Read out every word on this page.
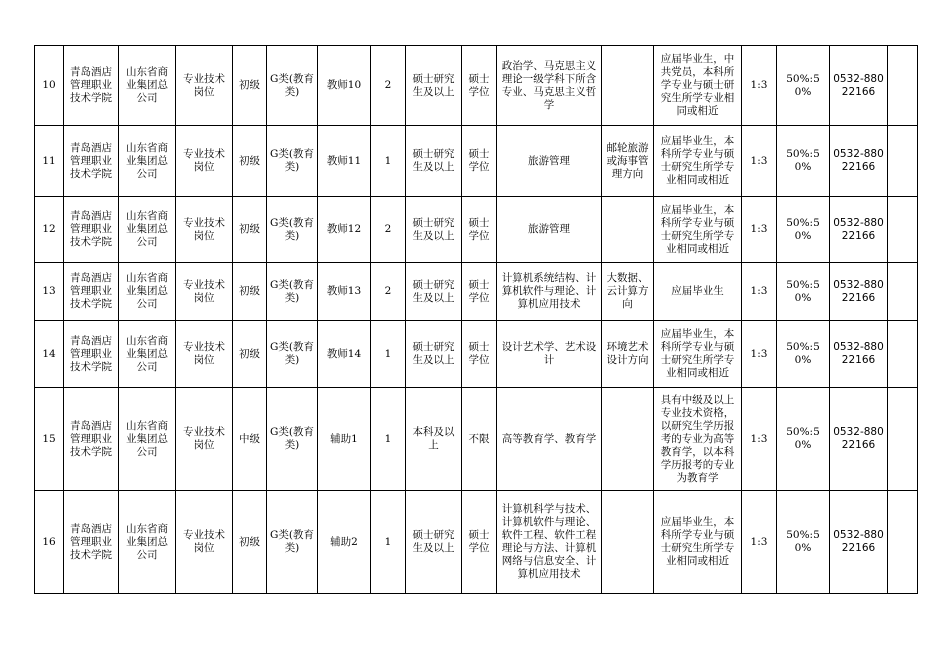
10	青岛酒店管理职业技术学院	山东省商业集团总公司	专业技术岗位	初级	G类(教育类)	教师10	2	硕士研究生及以上	硕士学位	政治学、马克思主义理论一级学科下所含专业、马克思主义哲学		应届毕业生，中共党员，本科所学专业与硕士研究生所学专业相同或相近	1:3	50%:50%	0532-88022166	
11	青岛酒店管理职业技术学院	山东省商业集团总公司	专业技术岗位	初级	G类(教育类)	教师11	1	硕士研究生及以上	硕士学位	旅游管理	邮轮旅游或海事管理方向	应届毕业生，本科所学专业与硕士研究生所学专业相同或相近	1:3	50%:50%	0532-88022166	
12	青岛酒店管理职业技术学院	山东省商业集团总公司	专业技术岗位	初级	G类(教育类)	教师12	2	硕士研究生及以上	硕士学位	旅游管理		应届毕业生，本科所学专业与硕士研究生所学专业相同或相近	1:3	50%:50%	0532-88022166	
13	青岛酒店管理职业技术学院	山东省商业集团总公司	专业技术岗位	初级	G类(教育类)	教师13	2	硕士研究生及以上	硕士学位	计算机系统结构、计算机软件与理论、计算机应用技术	大数据、云计算方向	应届毕业生	1:3	50%:50%	0532-88022166	
14	青岛酒店管理职业技术学院	山东省商业集团总公司	专业技术岗位	初级	G类(教育类)	教师14	1	硕士研究生及以上	硕士学位	设计艺术学、艺术设计	环境艺术设计方向	应届毕业生，本科所学专业与硕士研究生所学专业相同或相近	1:3	50%:50%	0532-88022166	
15	青岛酒店管理职业技术学院	山东省商业集团总公司	专业技术岗位	中级	G类(教育类)	辅助1	1	本科及以上	不限	高等教育学、教育学		具有中级及以上专业技术资格，以研究生学历报考的专业为高等教育学，以本科学历报考的专业为教育学	1:3	50%:50%	0532-88022166	
16	青岛酒店管理职业技术学院	山东省商业集团总公司	专业技术岗位	初级	G类(教育类)	辅助2	1	硕士研究生及以上	硕士学位	计算机科学与技术、计算机软件与理论、软件工程、软件工程理论与方法、计算机网络与信息安全、计算机应用技术		应届毕业生，本科所学专业与硕士研究生所学专业相同或相近	1:3	50%:50%	0532-88022166	
